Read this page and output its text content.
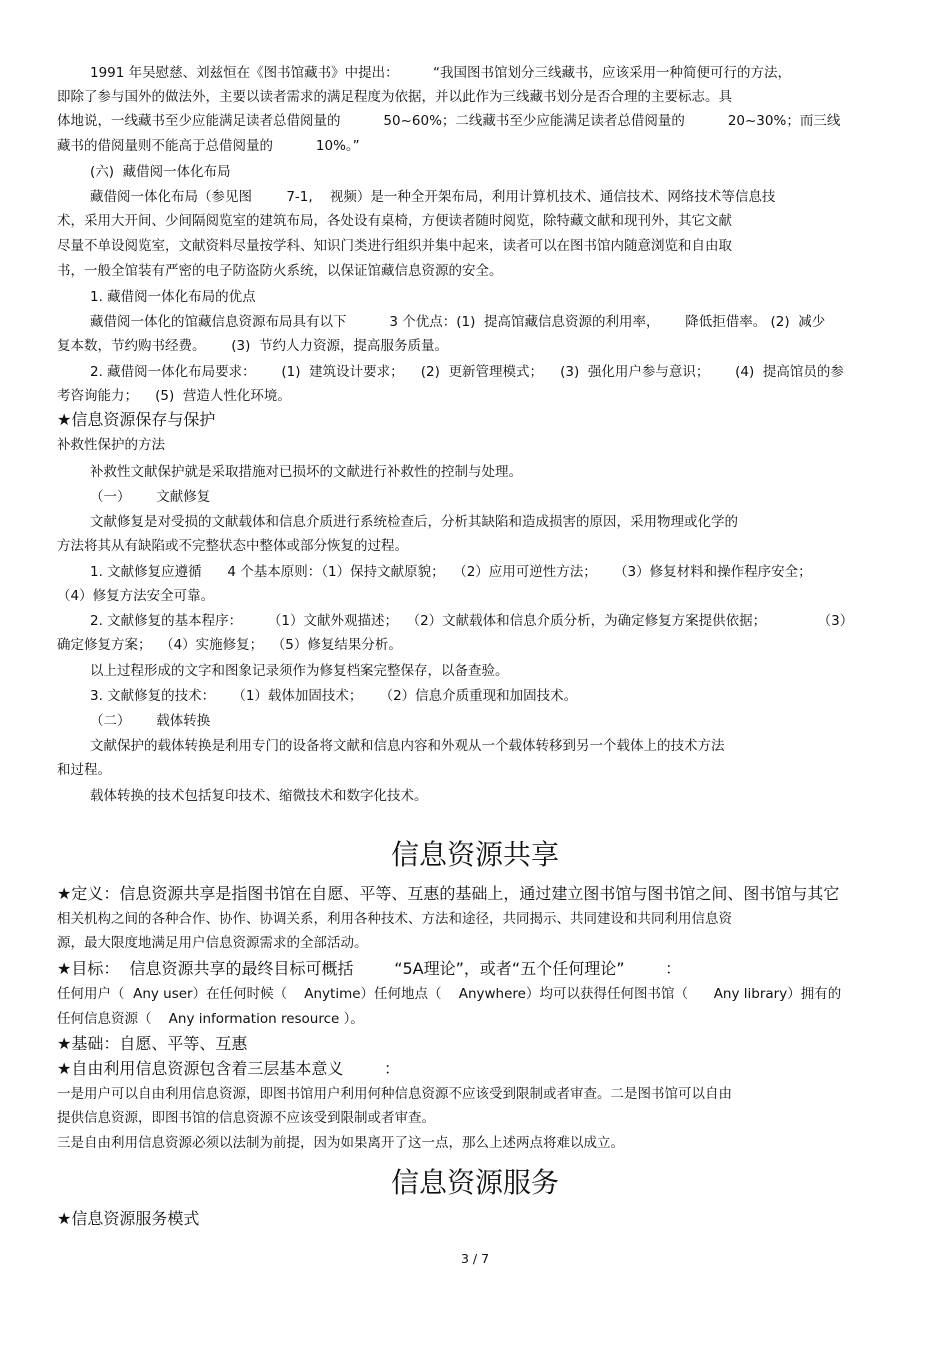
1991 年吴慰慈、刘兹恒在《图书馆藏书》中提出：        “我国图书馆划分三线藏书，应该采用一种简便可行的方法，
即除了参与国外的做法外，主要以读者需求的满足程度为依据，并以此作为三线藏书划分是否合理的主要标志。具
体地说，一线藏书至少应能满足读者总借阅量的          50~60%；二线藏书至少应能满足读者总借阅量的          20~30%；而三线
藏书的借阅量则不能高于总借阅量的          10%。”
(六)  藏借阅一体化布局
藏借阅一体化布局（参见图        7-1,    视频）是一种全开架布局，利用计算机技术、通信技术、网络技术等信息技
术，采用大开间、少间隔阅览室的建筑布局，各处设有桌椅，方便读者随时阅览，除特藏文献和现刊外，其它文献
尽量不单设阅览室，文献资料尽量按学科、知识门类进行组织并集中起来，读者可以在图书馆内随意浏览和自由取
书，一般全馆装有严密的电子防盗防火系统，以保证馆藏信息资源的安全。
1. 藏借阅一体化布局的优点
藏借阅一体化的馆藏信息资源布局具有以下          3 个优点：(1)  提高馆藏信息资源的利用率，      降低拒借率。 (2)  减少
复本数，节约购书经费。      (3)  节约人力资源，提高服务质量。
2. 藏借阅一体化布局要求：      (1)  建筑设计要求；    (2)  更新管理模式；    (3)  强化用户参与意识；      (4)  提高馆员的参
考咨询能力；    (5)  营造人性化环境。
★信息资源保存与保护
补救性保护的方法
补救性文献保护就是采取措施对已损坏的文献进行补救性的控制与处理。
（一）      文献修复
文献修复是对受损的文献载体和信息介质进行系统检查后，分析其缺陷和造成损害的原因，采用物理或化学的
方法将其从有缺陷或不完整状态中整体或部分恢复的过程。
1. 文献修复应遵循      4 个基本原则：（1）保持文献原貌；  （2）应用可逆性方法；    （3）修复材料和操作程序安全；
（4）修复方法安全可靠。
2. 文献修复的基本程序：      （1）文献外观描述；  （2）文献载体和信息介质分析，为确定修复方案提供依据；            （3）
确定修复方案；  （4）实施修复；  （5）修复结果分析。
以上过程形成的文字和图象记录须作为修复档案完整保存，以备查验。
3. 文献修复的技术：    （1）载体加固技术；    （2）信息介质重现和加固技术。
（二）      载体转换
文献保护的载体转换是利用专门的设备将文献和信息内容和外观从一个载体转移到另一个载体上的技术方法
和过程。
载体转换的技术包括复印技术、缩微技术和数字化技术。
信息资源共享
★定义：信息资源共享是指图书馆在自愿、平等、互惠的基础上，通过建立图书馆与图书馆之间、图书馆与其它
相关机构之间的各种合作、协作、协调关系，利用各种技术、方法和途径，共同揭示、共同建设和共同利用信息资
源，最大限度地满足用户信息资源需求的全部活动。
★目标：  信息资源共享的最终目标可概括        “5A理论”，或者“五个任何理论”        ：
任何用户（  Any user）在任何时候（    Anytime）任何地点（    Anywhere）均可以获得任何图书馆（      Any library）拥有的
任何信息资源（    Any information resource ）。
★基础：自愿、平等、互惠
★自由利用信息资源包含着三层基本意义        ：
一是用户可以自由利用信息资源，即图书馆用户利用何种信息资源不应该受到限制或者审查。二是图书馆可以自由
提供信息资源，即图书馆的信息资源不应该受到限制或者审查。
三是自由利用信息资源必须以法制为前提，因为如果离开了这一点，那么上述两点将难以成立。
信息资源服务
★信息资源服务模式
3 / 7
